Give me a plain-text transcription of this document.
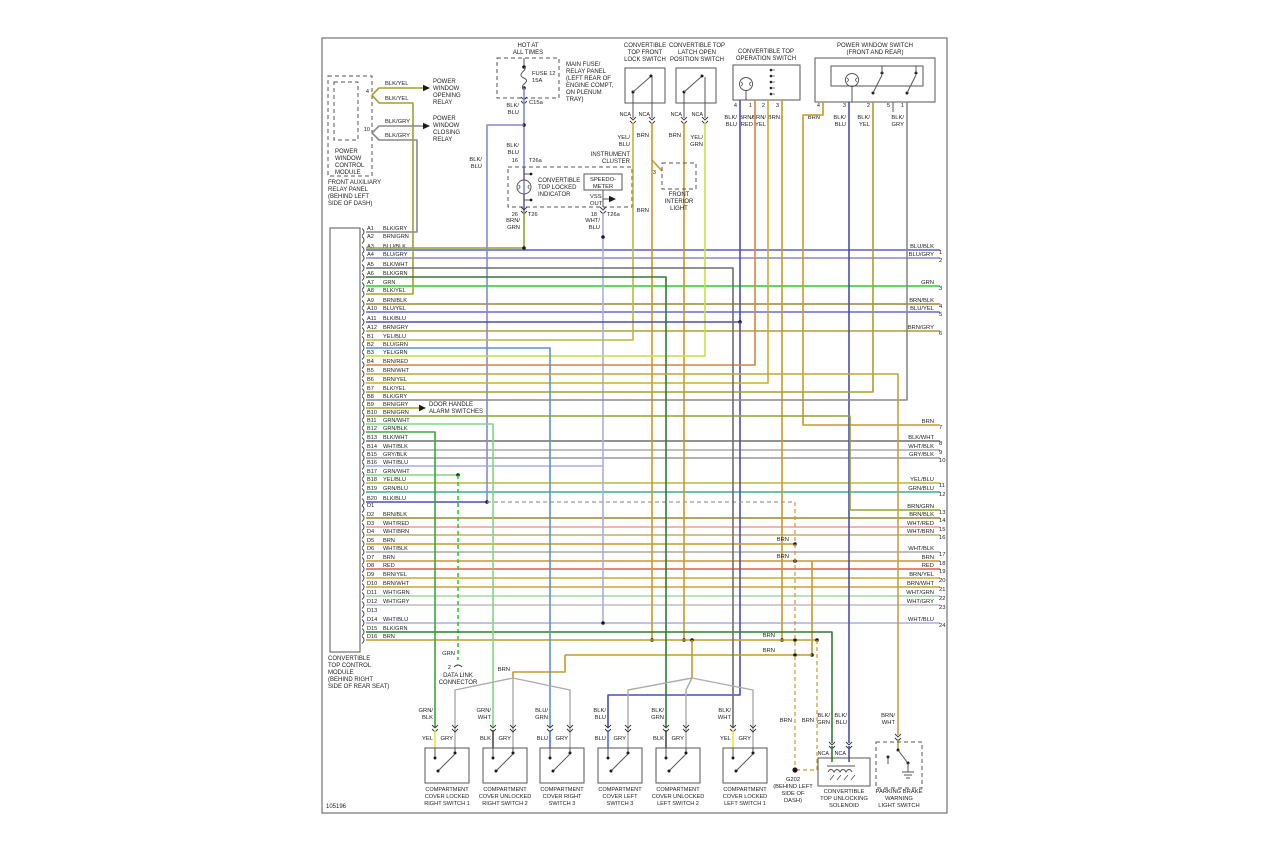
105196
A1 BLK/GRY
A2 BRN/GRN
A3 BLU/BLK
A4 BLU/GRY
A5 BLK/WHT
A6 BLK/GRN
A7 GRN
A8 BLK/YEL
A9 BRN/BLK
A10 BLU/YEL
A11 BLK/BLU
A12 BRN/GRY
B1 YEL/BLU
B2 BLU/GRN
B3 YEL/GRN
B4 BRN/RED
B5 BRN/WHT
B6 BRN/YEL
B7 BLK/YEL
B8 BLK/GRY
B9 BRN/GRY
B10 BRN/GRN
B11 GRN/WHT
B12 GRN/BLK
B13 BLK/WHT
B14 WHT/BLK
B15 GRY/BLK
B16 WHT/BLU
B17 GRN/WHT
B18 YEL/BLU
B19 GRN/BLU
B20 BLK/BLU
D1
D2 BRN/BLK
D3 WHT/RED
D4 WHT/BRN
D5 BRN
D6 WHT/BLK
D7 BRN
D8 RED
D9 BRN/YEL
D10 BRN/WHT
D11 WHT/GRN
D12 WHT/GRY
D13
D14 WHT/BLU
D15 BLK/GRN
D16 BRN
CONVERTIBLE
TOP CONTROL
MODULE
(BEHIND RIGHT
SIDE OF REAR SEAT)
BLU/BLK
1
BLU/GRY
2
GRN
3
BRN/BLK
4
BLU/YEL
5
BRN/GRY
6
BRN
7
BLK/WHT
8
WHT/BLK
9
GRY/BLK
10
YEL/BLU
11
GRN/BLU
12
BRN/GRN
13
BRN/BLK
14
WHT/RED
15
WHT/BRN
16
WHT/BLK
17
BRN
18
RED
19
BRN/YEL
20
BRN/WHT
21
WHT/GRN
22
WHT/GRY
23
WHT/BLU
24
4
10
BLK/YEL
BLK/YEL
BLK/GRY
BLK/GRY
POWER
WINDOW
OPENING
RELAY
POWER
WINDOW
CLOSING
RELAY
POWER
WINDOW
CONTROL
MODULE
FRONT AUXILIARY
RELAY PANEL
(BEHIND LEFT
SIDE OF DASH)
HOT AT
ALL TIMES
FUSE 12
15A
MAIN FUSE/
RELAY PANEL
(LEFT REAR OF
ENGINE COMPT,
ON PLENUM
TRAY)
C15a
BLK/
BLU
BLK/
BLU
BLK/
BLU
16 T26a
INSTRUMENT
CLUSTER
CONVERTIBLE
TOP LOCKED
INDICATOR
SPEEDO-
METER
VSS
OUT
26 T26	18 T26a
BRN/
GRN
WHT/
BLU
CONVERTIBLE
TOP FRONT
LOCK SWITCH
NCA NCA
YEL/
BLU
BRN
BRN
CONVERTIBLE TOP
LATCH OPEN
POSITION SWITCH
NCA NCA
BRN YEL/
GRN
3
FRONT
INTERIOR
LIGHT
CONVERTIBLE TOP
OPERATION SWITCH
4 1 2 3
BLK/
BLU
BRN/
RED
BRN/
YEL
BRN
POWER WINDOW SWITCH
(FRONT AND REAR)
4	3	2	5 1
BRN BLK/
BLU
BLK/
YEL
BLK/
GRY
DOOR HANDLE
ALARM SWITCHES
GRN
2
DATA LINK
CONNECTOR
BRN
BRN
BRN
BRN
BRN
BRN BRN
G202
(BEHIND LEFT
SIDE OF
DASH)
GRN/
BLK
YEL GRY
COMPARTMENT
COVER LOCKED
RIGHT SWITCH 1
GRN/
WHT
BLK GRY
COMPARTMENT
COVER UNLOCKED
RIGHT SWITCH 2
BLU/
GRN
BLU GRY
COMPARTMENT
COVER RIGHT
SWITCH 3
BLK/
BLU
BLU GRY
COMPARTMENT
COVER LEFT
SWITCH 3
BLK/
GRN
BLK GRY
COMPARTMENT
COVER UNLOCKED
LEFT SWITCH 2
BLK/
WHT
YEL GRY
COMPARTMENT
COVER LOCKED
LEFT SWITCH 1
BLK/
GRN
BLK/
BLU
NCA NCA
CONVERTIBLE
TOP UNLOCKING
SOLENOID
BRN/
WHT
PARKING BRAKE
WARNING
LIGHT SWITCH
